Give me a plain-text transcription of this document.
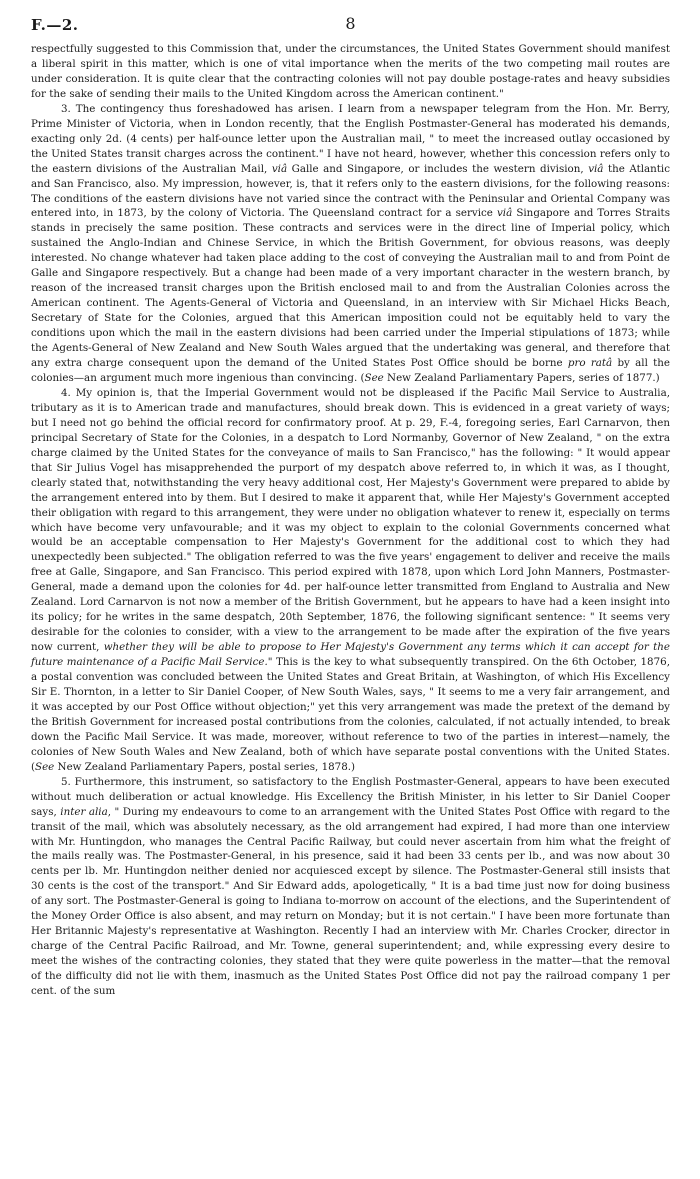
F.—2.	8

respectfully suggested to this Commission that, under the circumstances, the United States Government should manifest a liberal spirit in this matter, which is one of vital importance when the merits of the two competing mail routes are under consideration. It is quite clear that the contracting colonies will not pay double postage-rates and heavy subsidies for the sake of sending their mails to the United Kingdom across the American continent."

3. The contingency thus foreshadowed has arisen. I learn from a newspaper telegram from the Hon. Mr. Berry, Prime Minister of Victoria, when in London recently, that the English Postmaster-General has moderated his demands, exacting only 2d. (4 cents) per half-ounce letter upon the Australian mail, " to meet the increased outlay occasioned by the United States transit charges across the continent." I have not heard, however, whether this concession refers only to the eastern divisions of the Australian Mail, viâ Galle and Singapore, or includes the western division, viâ the Atlantic and San Francisco, also. My impression, however, is, that it refers only to the eastern divisions, for the following reasons: The conditions of the eastern divisions have not varied since the contract with the Peninsular and Oriental Company was entered into, in 1873, by the colony of Victoria. The Queensland contract for a service viâ Singapore and Torres Straits stands in precisely the same position. These contracts and services were in the direct line of Imperial policy, which sustained the Anglo-Indian and Chinese Service, in which the British Government, for obvious reasons, was deeply interested. No change whatever had taken place adding to the cost of conveying the Australian mail to and from Point de Galle and Singapore respectively. But a change had been made of a very important character in the western branch, by reason of the increased transit charges upon the British enclosed mail to and from the Australian Colonies across the American continent. The Agents-General of Victoria and Queensland, in an interview with Sir Michael Hicks Beach, Secretary of State for the Colonies, argued that this American imposition could not be equitably held to vary the conditions upon which the mail in the eastern divisions had been carried under the Imperial stipulations of 1873; while the Agents-General of New Zealand and New South Wales argued that the undertaking was general, and therefore that any extra charge consequent upon the demand of the United States Post Office should be borne pro ratâ by all the colonies—an argument much more ingenious than convincing. (See New Zealand Parliamentary Papers, series of 1877.)

4. My opinion is, that the Imperial Government would not be displeased if the Pacific Mail Service to Australia, tributary as it is to American trade and manufactures, should break down. This is evidenced in a great variety of ways; but I need not go behind the official record for confirmatory proof. At p. 29, F.-4, foregoing series, Earl Carnarvon, then principal Secretary of State for the Colonies, in a despatch to Lord Normanby, Governor of New Zealand, " on the extra charge claimed by the United States for the conveyance of mails to San Francisco," has the following: " It would appear that Sir Julius Vogel has misapprehended the purport of my despatch above referred to, in which it was, as I thought, clearly stated that, notwithstanding the very heavy additional cost, Her Majesty's Government were prepared to abide by the arrangement entered into by them. But I desired to make it apparent that, while Her Majesty's Government accepted their obligation with regard to this arrangement, they were under no obligation whatever to renew it, especially on terms which have become very unfavourable; and it was my object to explain to the colonial Governments concerned what would be an acceptable compensation to Her Majesty's Government for the additional cost to which they had unexpectedly been subjected." The obligation referred to was the five years' engagement to deliver and receive the mails free at Galle, Singapore, and San Francisco. This period expired with 1878, upon which Lord John Manners, Postmaster-General, made a demand upon the colonies for 4d. per half-ounce letter transmitted from England to Australia and New Zealand. Lord Carnarvon is not now a member of the British Government, but he appears to have had a keen insight into its policy; for he writes in the same despatch, 20th September, 1876, the following significant sentence: " It seems very desirable for the colonies to consider, with a view to the arrangement to be made after the expiration of the five years now current, whether they will be able to propose to Her Majesty's Government any terms which it can accept for the future maintenance of a Pacific Mail Service." This is the key to what subsequently transpired. On the 6th October, 1876, a postal convention was concluded between the United States and Great Britain, at Washington, of which His Excellency Sir E. Thornton, in a letter to Sir Daniel Cooper, of New South Wales, says, " It seems to me a very fair arrangement, and it was accepted by our Post Office without objection;" yet this very arrangement was made the pretext of the demand by the British Government for increased postal contributions from the colonies, calculated, if not actually intended, to break down the Pacific Mail Service. It was made, moreover, without reference to two of the parties in interest—namely, the colonies of New South Wales and New Zealand, both of which have separate postal conventions with the United States. (See New Zealand Parliamentary Papers, postal series, 1878.)

5. Furthermore, this instrument, so satisfactory to the English Postmaster-General, appears to have been executed without much deliberation or actual knowledge. His Excellency the British Minister, in his letter to Sir Daniel Cooper says, inter alia, " During my endeavours to come to an arrangement with the United States Post Office with regard to the transit of the mail, which was absolutely necessary, as the old arrangement had expired, I had more than one interview with Mr. Huntingdon, who manages the Central Pacific Railway, but could never ascertain from him what the freight of the mails really was. The Postmaster-General, in his presence, said it had been 33 cents per lb., and was now about 30 cents per lb. Mr. Huntingdon neither denied nor acquiesced except by silence. The Postmaster-General still insists that 30 cents is the cost of the transport." And Sir Edward adds, apologetically, " It is a bad time just now for doing business of any sort. The Postmaster-General is going to Indiana to-morrow on account of the elections, and the Superintendent of the Money Order Office is also absent, and may return on Monday; but it is not certain." I have been more fortunate than Her Britannic Majesty's representative at Washington. Recently I had an interview with Mr. Charles Crocker, director in charge of the Central Pacific Railroad, and Mr. Towne, general superintendent; and, while expressing every desire to meet the wishes of the contracting colonies, they stated that they were quite powerless in the matter—that the removal of the difficulty did not lie with them, inasmuch as the United States Post Office did not pay the railroad company 1 per cent. of the sum
